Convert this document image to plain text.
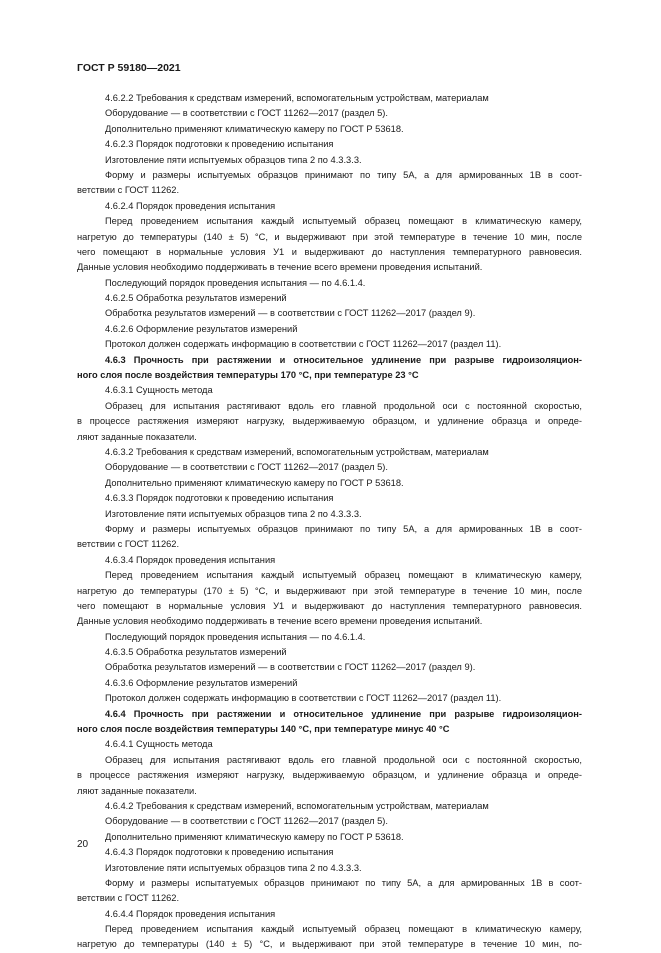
ГОСТ Р 59180—2021
4.6.2.2 Требования к средствам измерений, вспомогательным устройствам, материалам
Оборудование — в соответствии с ГОСТ 11262—2017 (раздел 5).
Дополнительно применяют климатическую камеру по ГОСТ Р 53618.
4.6.2.3 Порядок подготовки к проведению испытания
Изготовление пяти испытуемых образцов типа 2 по 4.3.3.3.
Форму и размеры испытуемых образцов принимают по типу 5А, а для армированных 1В в соот-
ветствии с ГОСТ 11262.
4.6.2.4 Порядок проведения испытания
Перед проведением испытания каждый испытуемый образец помещают в климатическую камеру,
нагретую до температуры (140 ± 5) °С, и выдерживают при этой температуре в течение 10 мин, после
чего помещают в нормальные условия У1 и выдерживают до наступления температурного равновесия.
Данные условия необходимо поддерживать в течение всего времени проведения испытаний.
Последующий порядок проведения испытания — по 4.6.1.4.
4.6.2.5 Обработка результатов измерений
Обработка результатов измерений — в соответствии с ГОСТ 11262—2017 (раздел 9).
4.6.2.6 Оформление результатов измерений
Протокол должен содержать информацию в соответствии с ГОСТ 11262—2017 (раздел 11).
4.6.3 Прочность при растяжении и относительное удлинение при разрыве гидроизоляцион-
ного слоя после воздействия температуры 170 °С, при температуре 23 °С
4.6.3.1 Сущность метода
Образец для испытания растягивают вдоль его главной продольной оси с постоянной скоростью,
в процессе растяжения измеряют нагрузку, выдерживаемую образцом, и удлинение образца и опреде-
ляют заданные показатели.
4.6.3.2 Требования к средствам измерений, вспомогательным устройствам, материалам
Оборудование — в соответствии с ГОСТ 11262—2017 (раздел 5).
Дополнительно применяют климатическую камеру по ГОСТ Р 53618.
4.6.3.3 Порядок подготовки к проведению испытания
Изготовление пяти испытуемых образцов типа 2 по 4.3.3.3.
Форму и размеры испытуемых образцов принимают по типу 5А, а для армированных 1В в соот-
ветствии с ГОСТ 11262.
4.6.3.4 Порядок проведения испытания
Перед проведением испытания каждый испытуемый образец помещают в климатическую камеру,
нагретую до температуры (170 ± 5) °С, и выдерживают при этой температуре в течение 10 мин, после
чего помещают в нормальные условия У1 и выдерживают до наступления температурного равновесия.
Данные условия необходимо поддерживать в течение всего времени проведения испытаний.
Последующий порядок проведения испытания — по 4.6.1.4.
4.6.3.5 Обработка результатов измерений
Обработка результатов измерений — в соответствии с ГОСТ 11262—2017 (раздел 9).
4.6.3.6 Оформление результатов измерений
Протокол должен содержать информацию в соответствии с ГОСТ 11262—2017 (раздел 11).
4.6.4 Прочность при растяжении и относительное удлинение при разрыве гидроизоляцион-
ного слоя после воздействия температуры 140 °С, при температуре минус 40 °С
4.6.4.1 Сущность метода
Образец для испытания растягивают вдоль его главной продольной оси с постоянной скоростью,
в процессе растяжения измеряют нагрузку, выдерживаемую образцом, и удлинение образца и опреде-
ляют заданные показатели.
4.6.4.2 Требования к средствам измерений, вспомогательным устройствам, материалам
Оборудование — в соответствии с ГОСТ 11262—2017 (раздел 5).
Дополнительно применяют климатическую камеру по ГОСТ Р 53618.
4.6.4.3 Порядок подготовки к проведению испытания
Изготовление пяти испытуемых образцов типа 2 по 4.3.3.3.
Форму и размеры испытатуемых образцов принимают по типу 5А, а для армированных 1В в соот-
ветствии с ГОСТ 11262.
4.6.4.4 Порядок проведения испытания
Перед проведением испытания каждый испытуемый образец помещают в климатическую камеру,
нагретую до температуры (140 ± 5) °С, и выдерживают при этой температуре в течение 10 мин, по-
20
